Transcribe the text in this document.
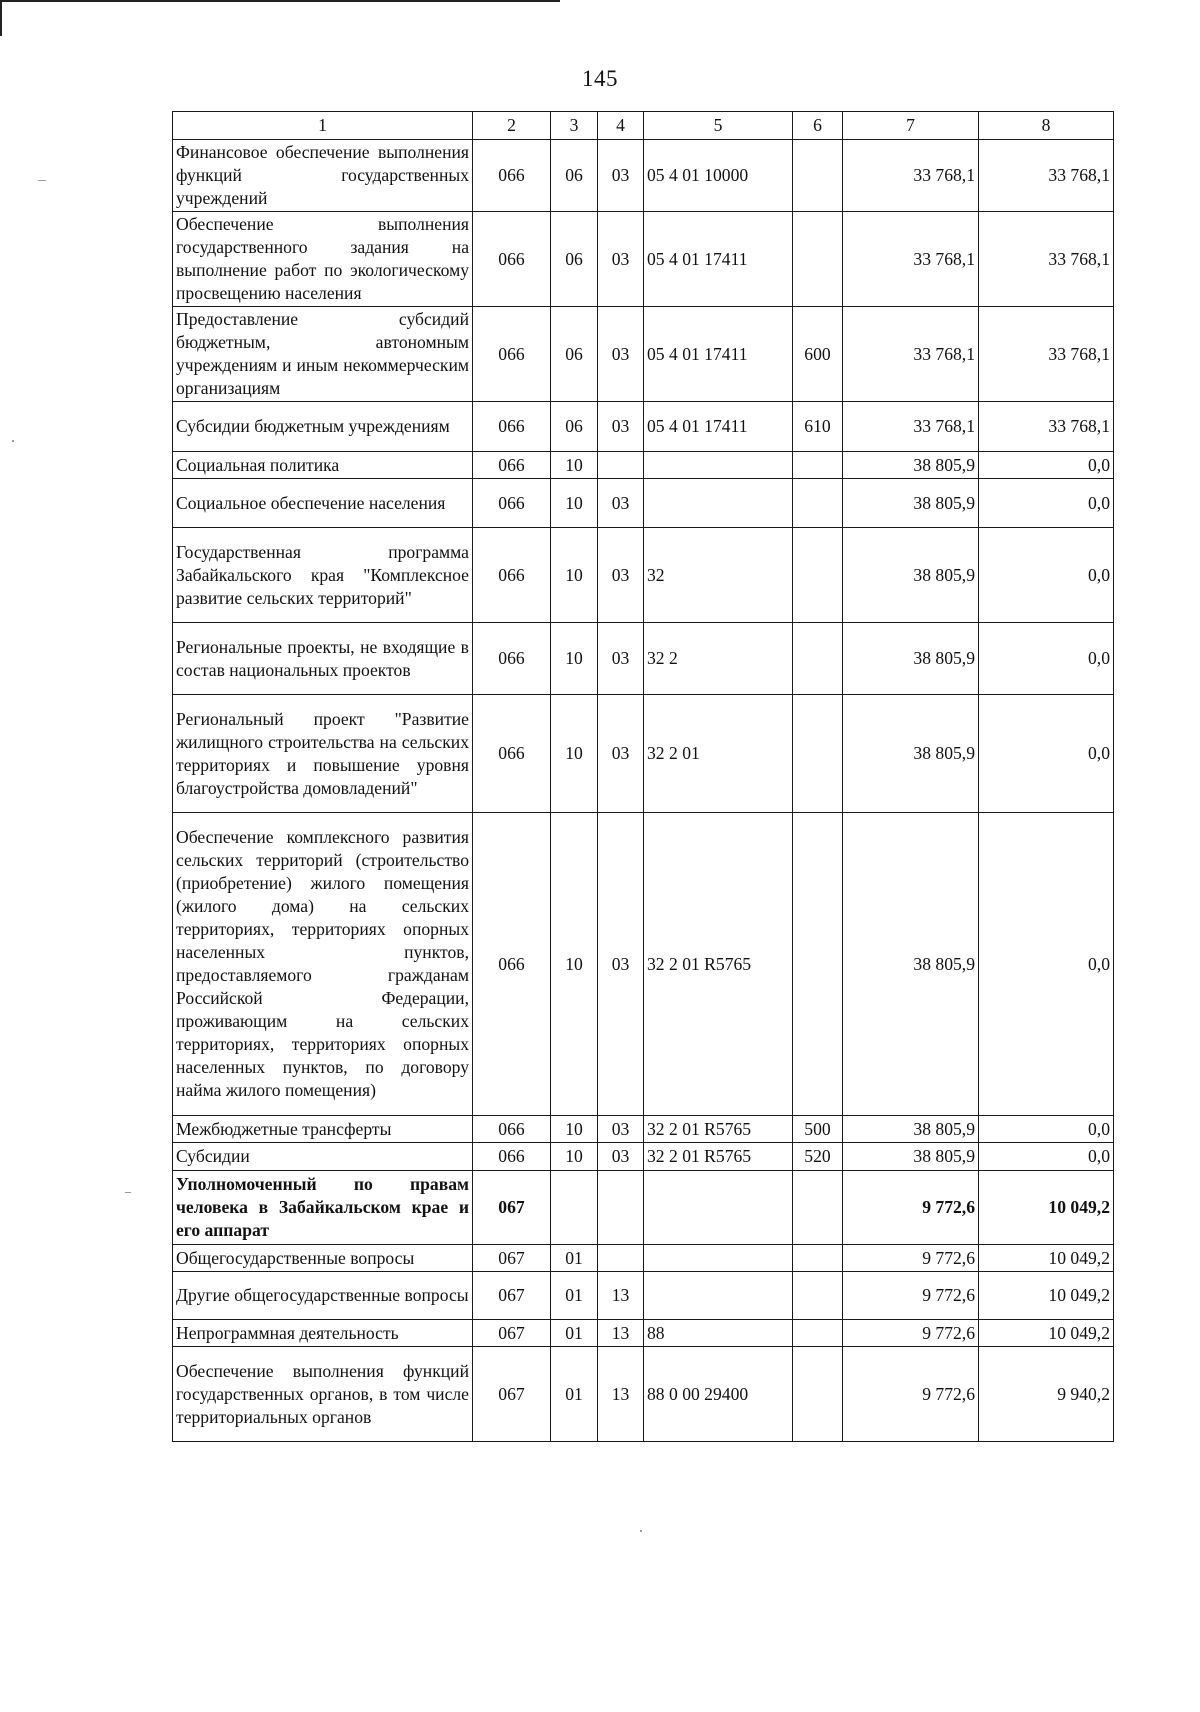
145
1	2	3	4	5	6	7	8
Финансовое обеспечение выполнения функций государственных учреждений	066	06	03	05 4 01 10000		33 768,1	33 768,1
Обеспечение выполнения государственного задания на выполнение работ по экологическому просвещению населения	066	06	03	05 4 01 17411		33 768,1	33 768,1
Предоставление субсидий бюджетным, автономным учреждениям и иным некоммерческим организациям	066	06	03	05 4 01 17411	600	33 768,1	33 768,1
Субсидии бюджетным учреждениям	066	06	03	05 4 01 17411	610	33 768,1	33 768,1
Социальная политика	066	10				38 805,9	0,0
Социальное обеспечение населения	066	10	03			38 805,9	0,0
Государственная программа Забайкальского края "Комплексное развитие сельских территорий"	066	10	03	32		38 805,9	0,0
Региональные проекты, не входящие в состав национальных проектов	066	10	03	32 2		38 805,9	0,0
Региональный проект "Развитие жилищного строительства на сельских территориях и повышение уровня благоустройства домовладений"	066	10	03	32 2 01		38 805,9	0,0
Обеспечение комплексного развития сельских территорий (строительство (приобретение) жилого помещения (жилого дома) на сельских территориях, территориях опорных населенных пунктов, предоставляемого гражданам Российской Федерации, проживающим на сельских территориях, территориях опорных населенных пунктов, по договору найма жилого помещения)	066	10	03	32 2 01 R5765		38 805,9	0,0
Межбюджетные трансферты	066	10	03	32 2 01 R5765	500	38 805,9	0,0
Субсидии	066	10	03	32 2 01 R5765	520	38 805,9	0,0
Уполномоченный по правам человека в Забайкальском крае и его аппарат	067					9 772,6	10 049,2
Общегосударственные вопросы	067	01				9 772,6	10 049,2
Другие общегосударственные вопросы	067	01	13			9 772,6	10 049,2
Непрограммная деятельность	067	01	13	88		9 772,6	10 049,2
Обеспечение выполнения функций государственных органов, в том числе территориальных органов	067	01	13	88 0 00 29400		9 772,6	9 940,2
